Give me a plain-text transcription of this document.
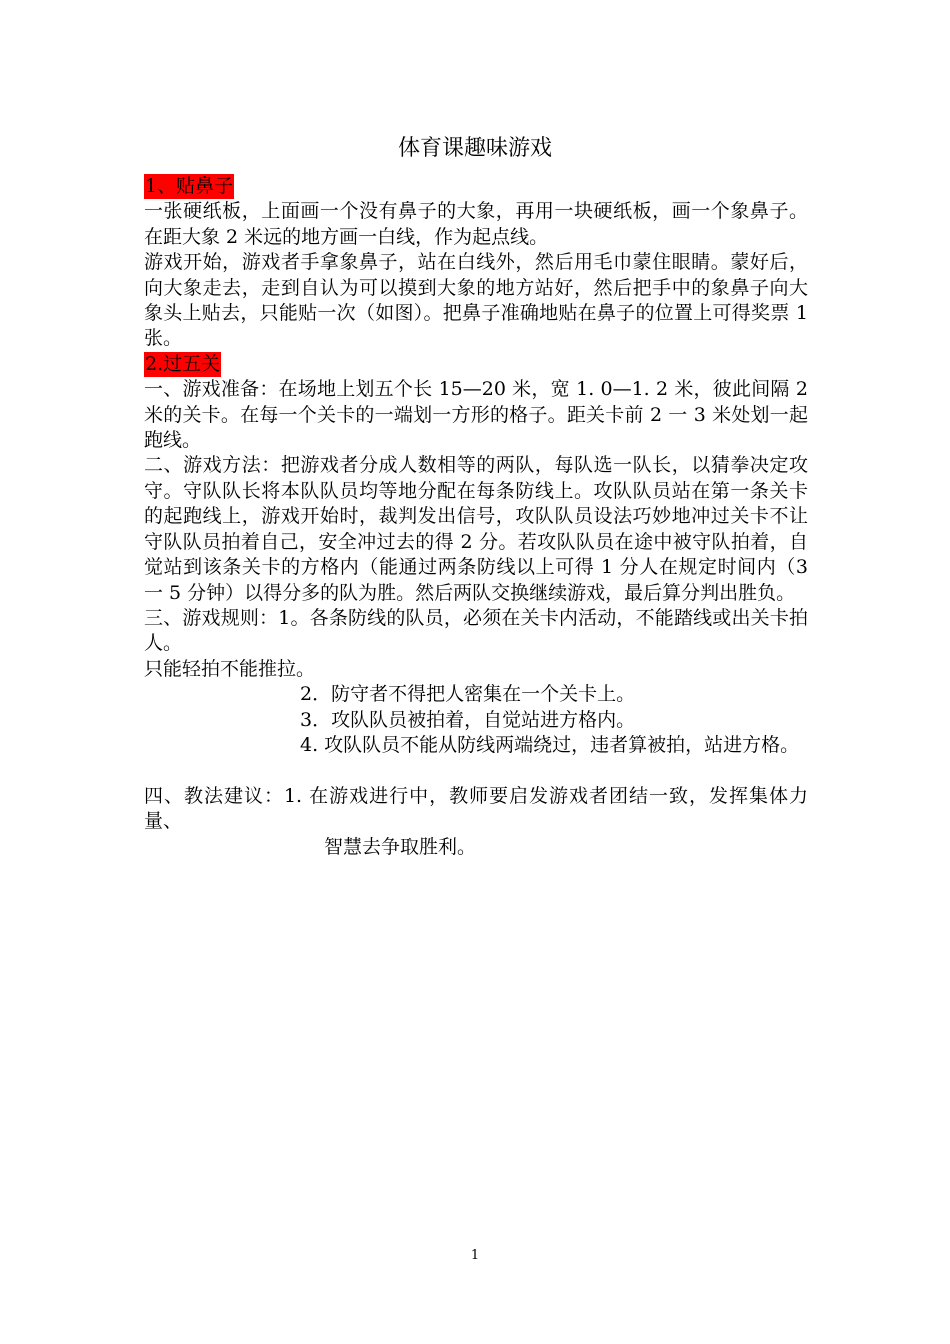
体育课趣味游戏

1、贴鼻子

一张硬纸板，上面画一个没有鼻子的大象，再用一块硬纸板，画一个象鼻子。在距大象 2 米远的地方画一白线，作为起点线。

游戏开始，游戏者手拿象鼻子，站在白线外，然后用毛巾蒙住眼睛。蒙好后，向大象走去，走到自认为可以摸到大象的地方站好，然后把手中的象鼻子向大象头上贴去，只能贴一次（如图）。把鼻子准确地贴在鼻子的位置上可得奖票 1 张。

2.过五关

一、游戏准备：在场地上划五个长 15—20 米，宽 1. 0—1. 2 米，彼此间隔 2 米的关卡。在每一个关卡的一端划一方形的格子。距关卡前 2 一 3 米处划一起跑线。

二、游戏方法：把游戏者分成人数相等的两队，每队选一队长，以猜拳决定攻守。守队队长将本队队员均等地分配在每条防线上。攻队队员站在第一条关卡的起跑线上，游戏开始时，裁判发出信号，攻队队员设法巧妙地冲过关卡不让守队队员拍着自己，安全冲过去的得 2 分。若攻队队员在途中被守队拍着，自觉站到该条关卡的方格内（能通过两条防线以上可得 1 分人在规定时间内（3 一 5 分钟）以得分多的队为胜。然后两队交换继续游戏，最后算分判出胜负。

三、游戏规则：1。各条防线的队员，必须在关卡内活动，不能踏线或出关卡拍人。

只能轻拍不能推拉。

2．防守者不得把人密集在一个关卡上。

3．攻队队员被拍着，自觉站进方格内。

4. 攻队队员不能从防线两端绕过，违者算被拍，站进方格。

四、教法建议：1. 在游戏进行中，教师要启发游戏者团结一致，发挥集体力量、

智慧去争取胜利。

1
